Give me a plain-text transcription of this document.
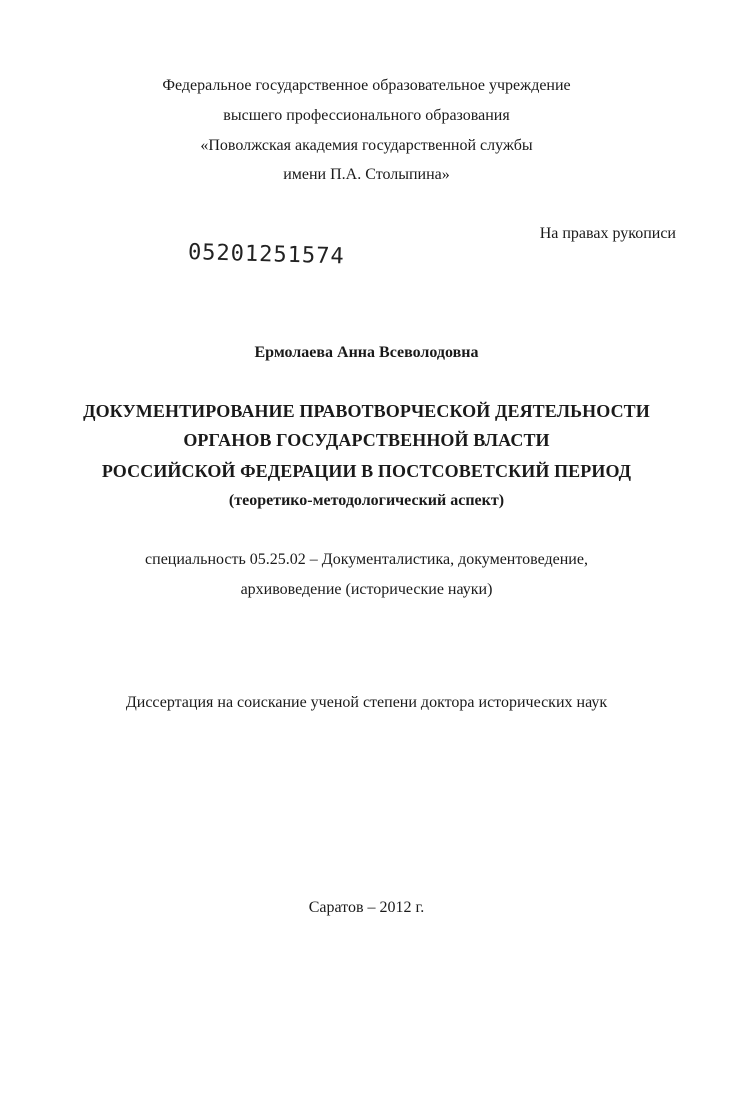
Федеральное государственное образовательное учреждение
высшего профессионального образования
«Поволжская академия государственной службы
имени П.А. Столыпина»
На правах рукописи
05201251574
Ермолаева Анна Всеволодовна
ДОКУМЕНТИРОВАНИЕ ПРАВОТВОРЧЕСКОЙ ДЕЯТЕЛЬНОСТИ
ОРГАНОВ ГОСУДАРСТВЕННОЙ ВЛАСТИ
РОССИЙСКОЙ ФЕДЕРАЦИИ В ПОСТСОВЕТСКИЙ ПЕРИОД
(теоретико-методологический аспект)
специальность 05.25.02 – Документалистика, документоведение,
архивоведение (исторические науки)
Диссертация на соискание ученой степени доктора исторических наук
Саратов – 2012 г.
